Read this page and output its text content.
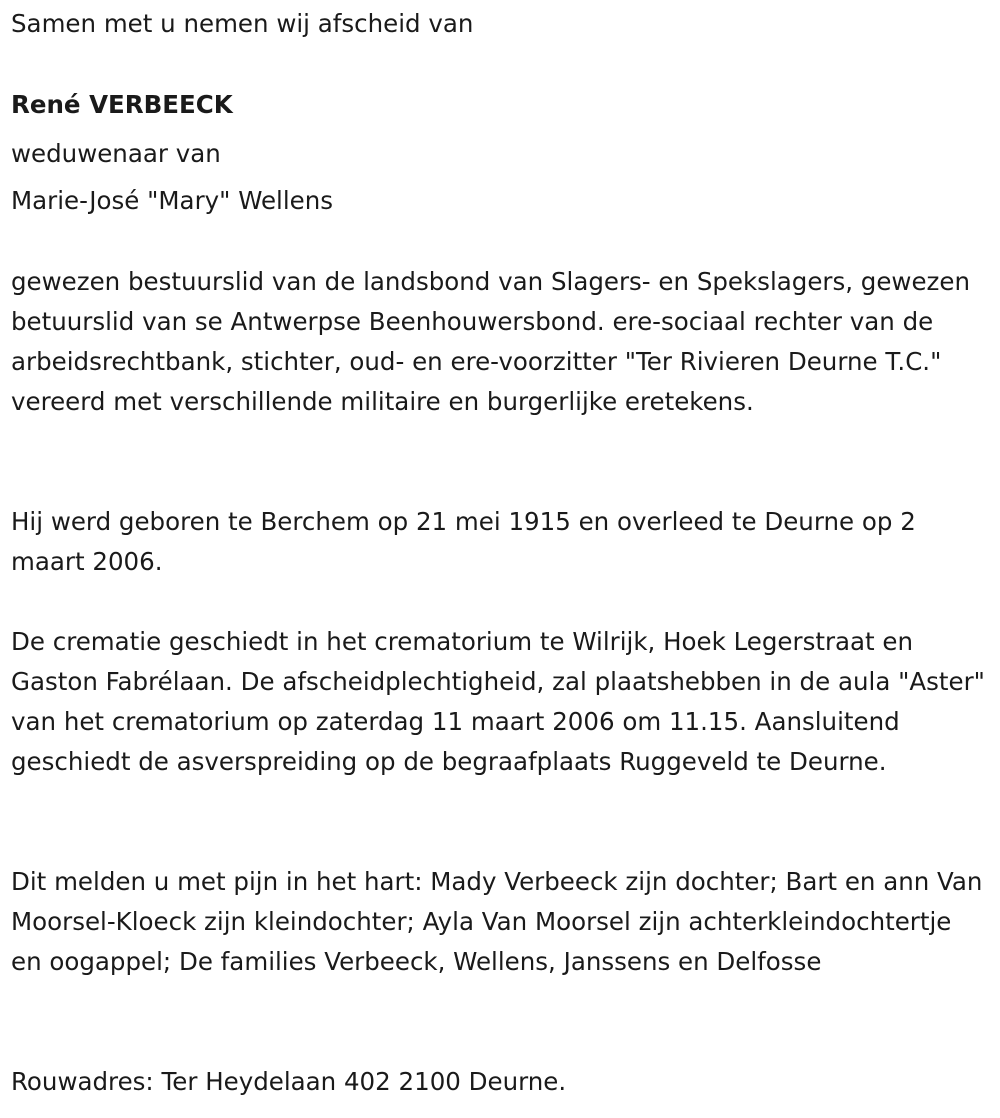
Samen met u nemen wij afscheid van

René VERBEECK

weduwenaar van

Marie-José "Mary" Wellens

gewezen bestuurslid van de landsbond van Slagers- en Spekslagers, gewezen betuurslid van se Antwerpse Beenhouwersbond. ere-sociaal rechter van de arbeidsrechtbank, stichter, oud- en ere-voorzitter "Ter Rivieren Deurne T.C." vereerd met verschillende militaire en burgerlijke eretekens.

Hij werd geboren te Berchem op 21 mei 1915 en overleed te Deurne op 2 maart 2006.

De crematie geschiedt in het crematorium te Wilrijk, Hoek Legerstraat en Gaston Fabrélaan. De afscheidplechtigheid, zal plaatshebben in de aula "Aster" van het crematorium op zaterdag 11 maart 2006 om 11.15. Aansluitend geschiedt de asverspreiding op de begraafplaats Ruggeveld te Deurne.

Dit melden u met pijn in het hart: Mady Verbeeck zijn dochter; Bart en ann Van Moorsel-Kloeck zijn kleindochter; Ayla Van Moorsel zijn achterkleindochtertje en oogappel; De families Verbeeck, Wellens, Janssens en Delfosse

Rouwadres: Ter Heydelaan 402 2100 Deurne.
